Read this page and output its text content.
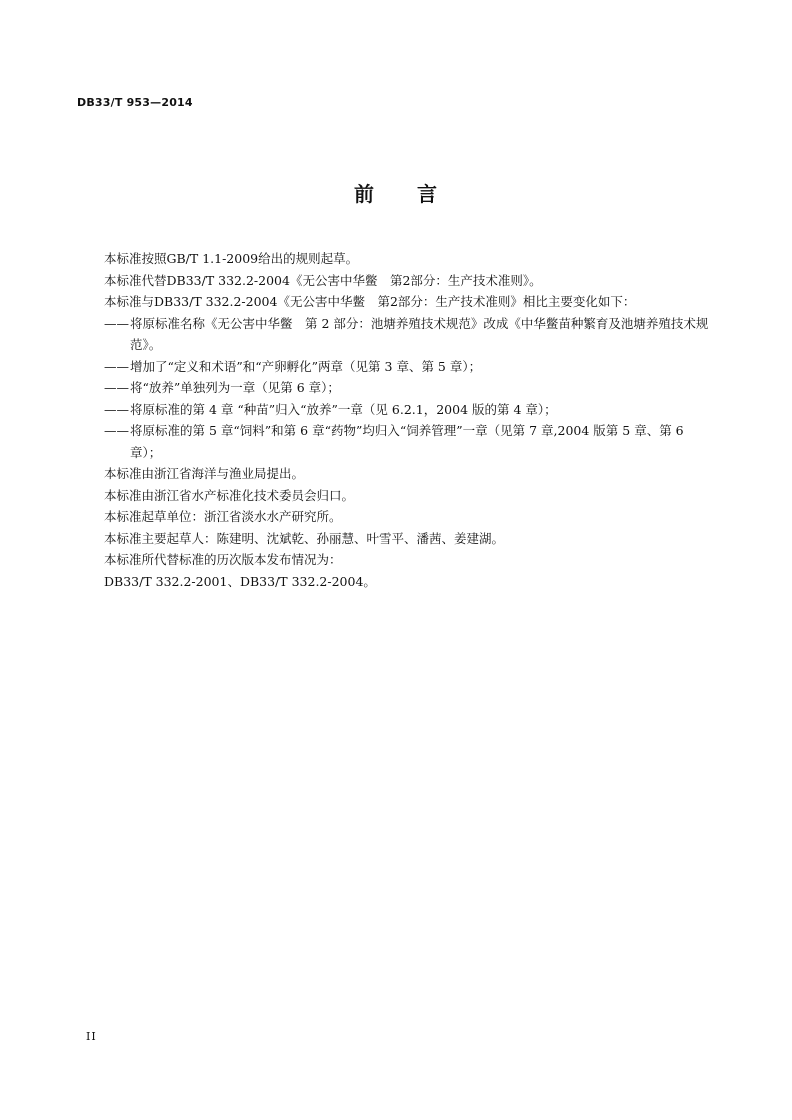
DB33/T 953—2014
前　　言

本标准按照GB/T 1.1-2009给出的规则起草。

本标准代替DB33/T 332.2-2004《无公害中华鳖　第2部分：生产技术准则》。

本标准与DB33/T 332.2-2004《无公害中华鳖　第2部分：生产技术准则》相比主要变化如下：

—— 将原标准名称《无公害中华鳖　第 2 部分：池塘养殖技术规范》改成《中华鳖苗种繁育及池塘养殖技术规范》。
—— 增加了“定义和术语”和“产卵孵化”两章（见第 3 章、第 5 章）；
—— 将“放养”单独列为一章（见第 6 章）；
—— 将原标准的第 4 章 “种苗”归入“放养”一章（见 6.2.1，2004 版的第 4 章）；
—— 将原标准的第 5 章“饲料”和第 6 章“药物”均归入“饲养管理”一章（见第 7 章,2004 版第 5 章、第 6 章）；

本标准由浙江省海洋与渔业局提出。

本标准由浙江省水产标准化技术委员会归口。

本标准起草单位：浙江省淡水水产研究所。

本标准主要起草人：陈建明、沈斌乾、孙丽慧、叶雪平、潘茜、姜建湖。

本标准所代替标准的历次版本发布情况为：

DB33/T 332.2-2001、DB33/T 332.2-2004。

II
